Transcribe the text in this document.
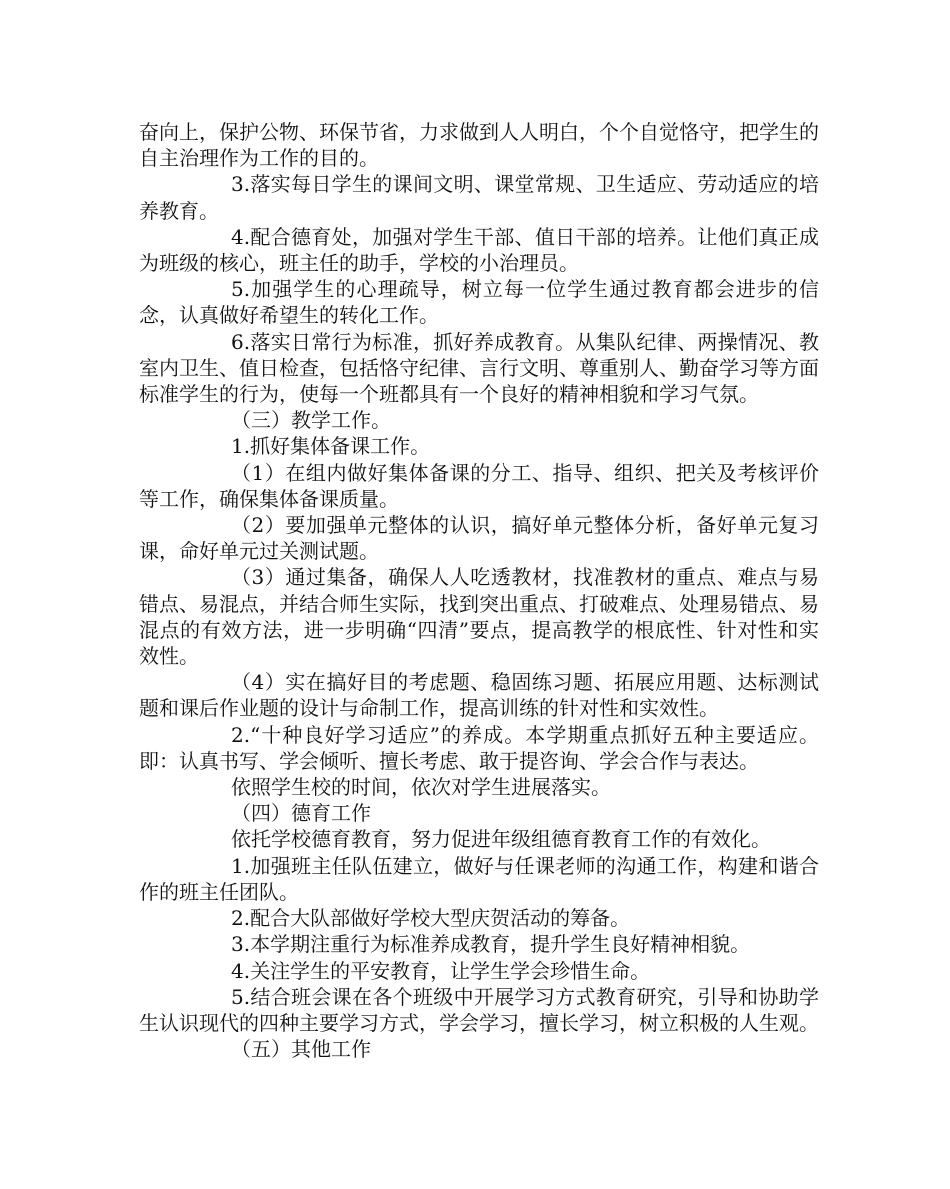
奋向上，保护公物、环保节省，力求做到人人明白，个个自觉恪守，把学生的自主治理作为工作的目的。

3.落实每日学生的课间文明、课堂常规、卫生适应、劳动适应的培养教育。

4.配合德育处，加强对学生干部、值日干部的培养。让他们真正成为班级的核心，班主任的助手，学校的小治理员。

5.加强学生的心理疏导，树立每一位学生通过教育都会进步的信念，认真做好希望生的转化工作。

6.落实日常行为标准，抓好养成教育。从集队纪律、两操情况、教室内卫生、值日检查，包括恪守纪律、言行文明、尊重别人、勤奋学习等方面标准学生的行为，使每一个班都具有一个良好的精神相貌和学习气氛。

（三）教学工作。

1.抓好集体备课工作。

（1）在组内做好集体备课的分工、指导、组织、把关及考核评价等工作，确保集体备课质量。

（2）要加强单元整体的认识，搞好单元整体分析，备好单元复习课，命好单元过关测试题。

（3）通过集备，确保人人吃透教材，找准教材的重点、难点与易错点、易混点，并结合师生实际，找到突出重点、打破难点、处理易错点、易混点的有效方法，进一步明确“四清”要点，提高教学的根底性、针对性和实效性。

（4）实在搞好目的考虑题、稳固练习题、拓展应用题、达标测试题和课后作业题的设计与命制工作，提高训练的针对性和实效性。

2.“十种良好学习适应”的养成。本学期重点抓好五种主要适应。即：认真书写、学会倾听、擅长考虑、敢于提咨询、学会合作与表达。

依照学生校的时间，依次对学生进展落实。

（四）德育工作

依托学校德育教育，努力促进年级组德育教育工作的有效化。

1.加强班主任队伍建立，做好与任课老师的沟通工作，构建和谐合作的班主任团队。

2.配合大队部做好学校大型庆贺活动的筹备。

3.本学期注重行为标准养成教育，提升学生良好精神相貌。

4.关注学生的平安教育，让学生学会珍惜生命。

5.结合班会课在各个班级中开展学习方式教育研究，引导和协助学生认识现代的四种主要学习方式，学会学习，擅长学习，树立积极的人生观。

（五）其他工作
